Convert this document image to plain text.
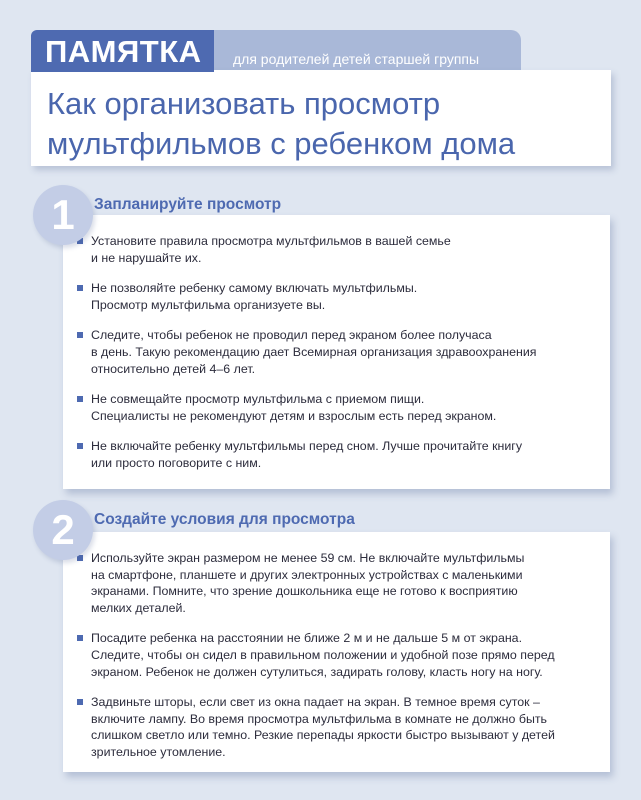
ПАМЯТКА	для родителей детей старшей группы
Как организовать просмотр
мультфильмов с ребенком дома
Установите правила просмотра мультфильмов в вашей семье
и не нарушайте их.
Не позволяйте ребенку самому включать мультфильмы.
Просмотр мультфильма организуете вы.
Следите, чтобы ребенок не проводил перед экраном более получаса
в день. Такую рекомендацию дает Всемирная организация здравоохранения
относительно детей 4–6 лет.
Не совмещайте просмотр мультфильма с приемом пищи.
Специалисты не рекомендуют детям и взрослым есть перед экраном.
Не включайте ребенку мультфильмы перед сном. Лучше прочитайте книгу
или просто поговорите с ним.
1	Запланируйте просмотр
Используйте экран размером не менее 59 см. Не включайте мультфильмы
на смартфоне, планшете и других электронных устройствах с маленькими
экранами. Помните, что зрение дошкольника еще не готово к восприятию
мелких деталей.
Посадите ребенка на расстоянии не ближе 2 м и не дальше 5 м от экрана.
Следите, чтобы он сидел в правильном положении и удобной позе прямо перед
экраном. Ребенок не должен сутулиться, задирать голову, класть ногу на ногу.
Задвиньте шторы, если свет из окна падает на экран. В темное время суток –
включите лампу. Во время просмотра мультфильма в комнате не должно быть
слишком светло или темно. Резкие перепады яркости быстро вызывают у детей
зрительное утомление.
2	Создайте условия для просмотра
